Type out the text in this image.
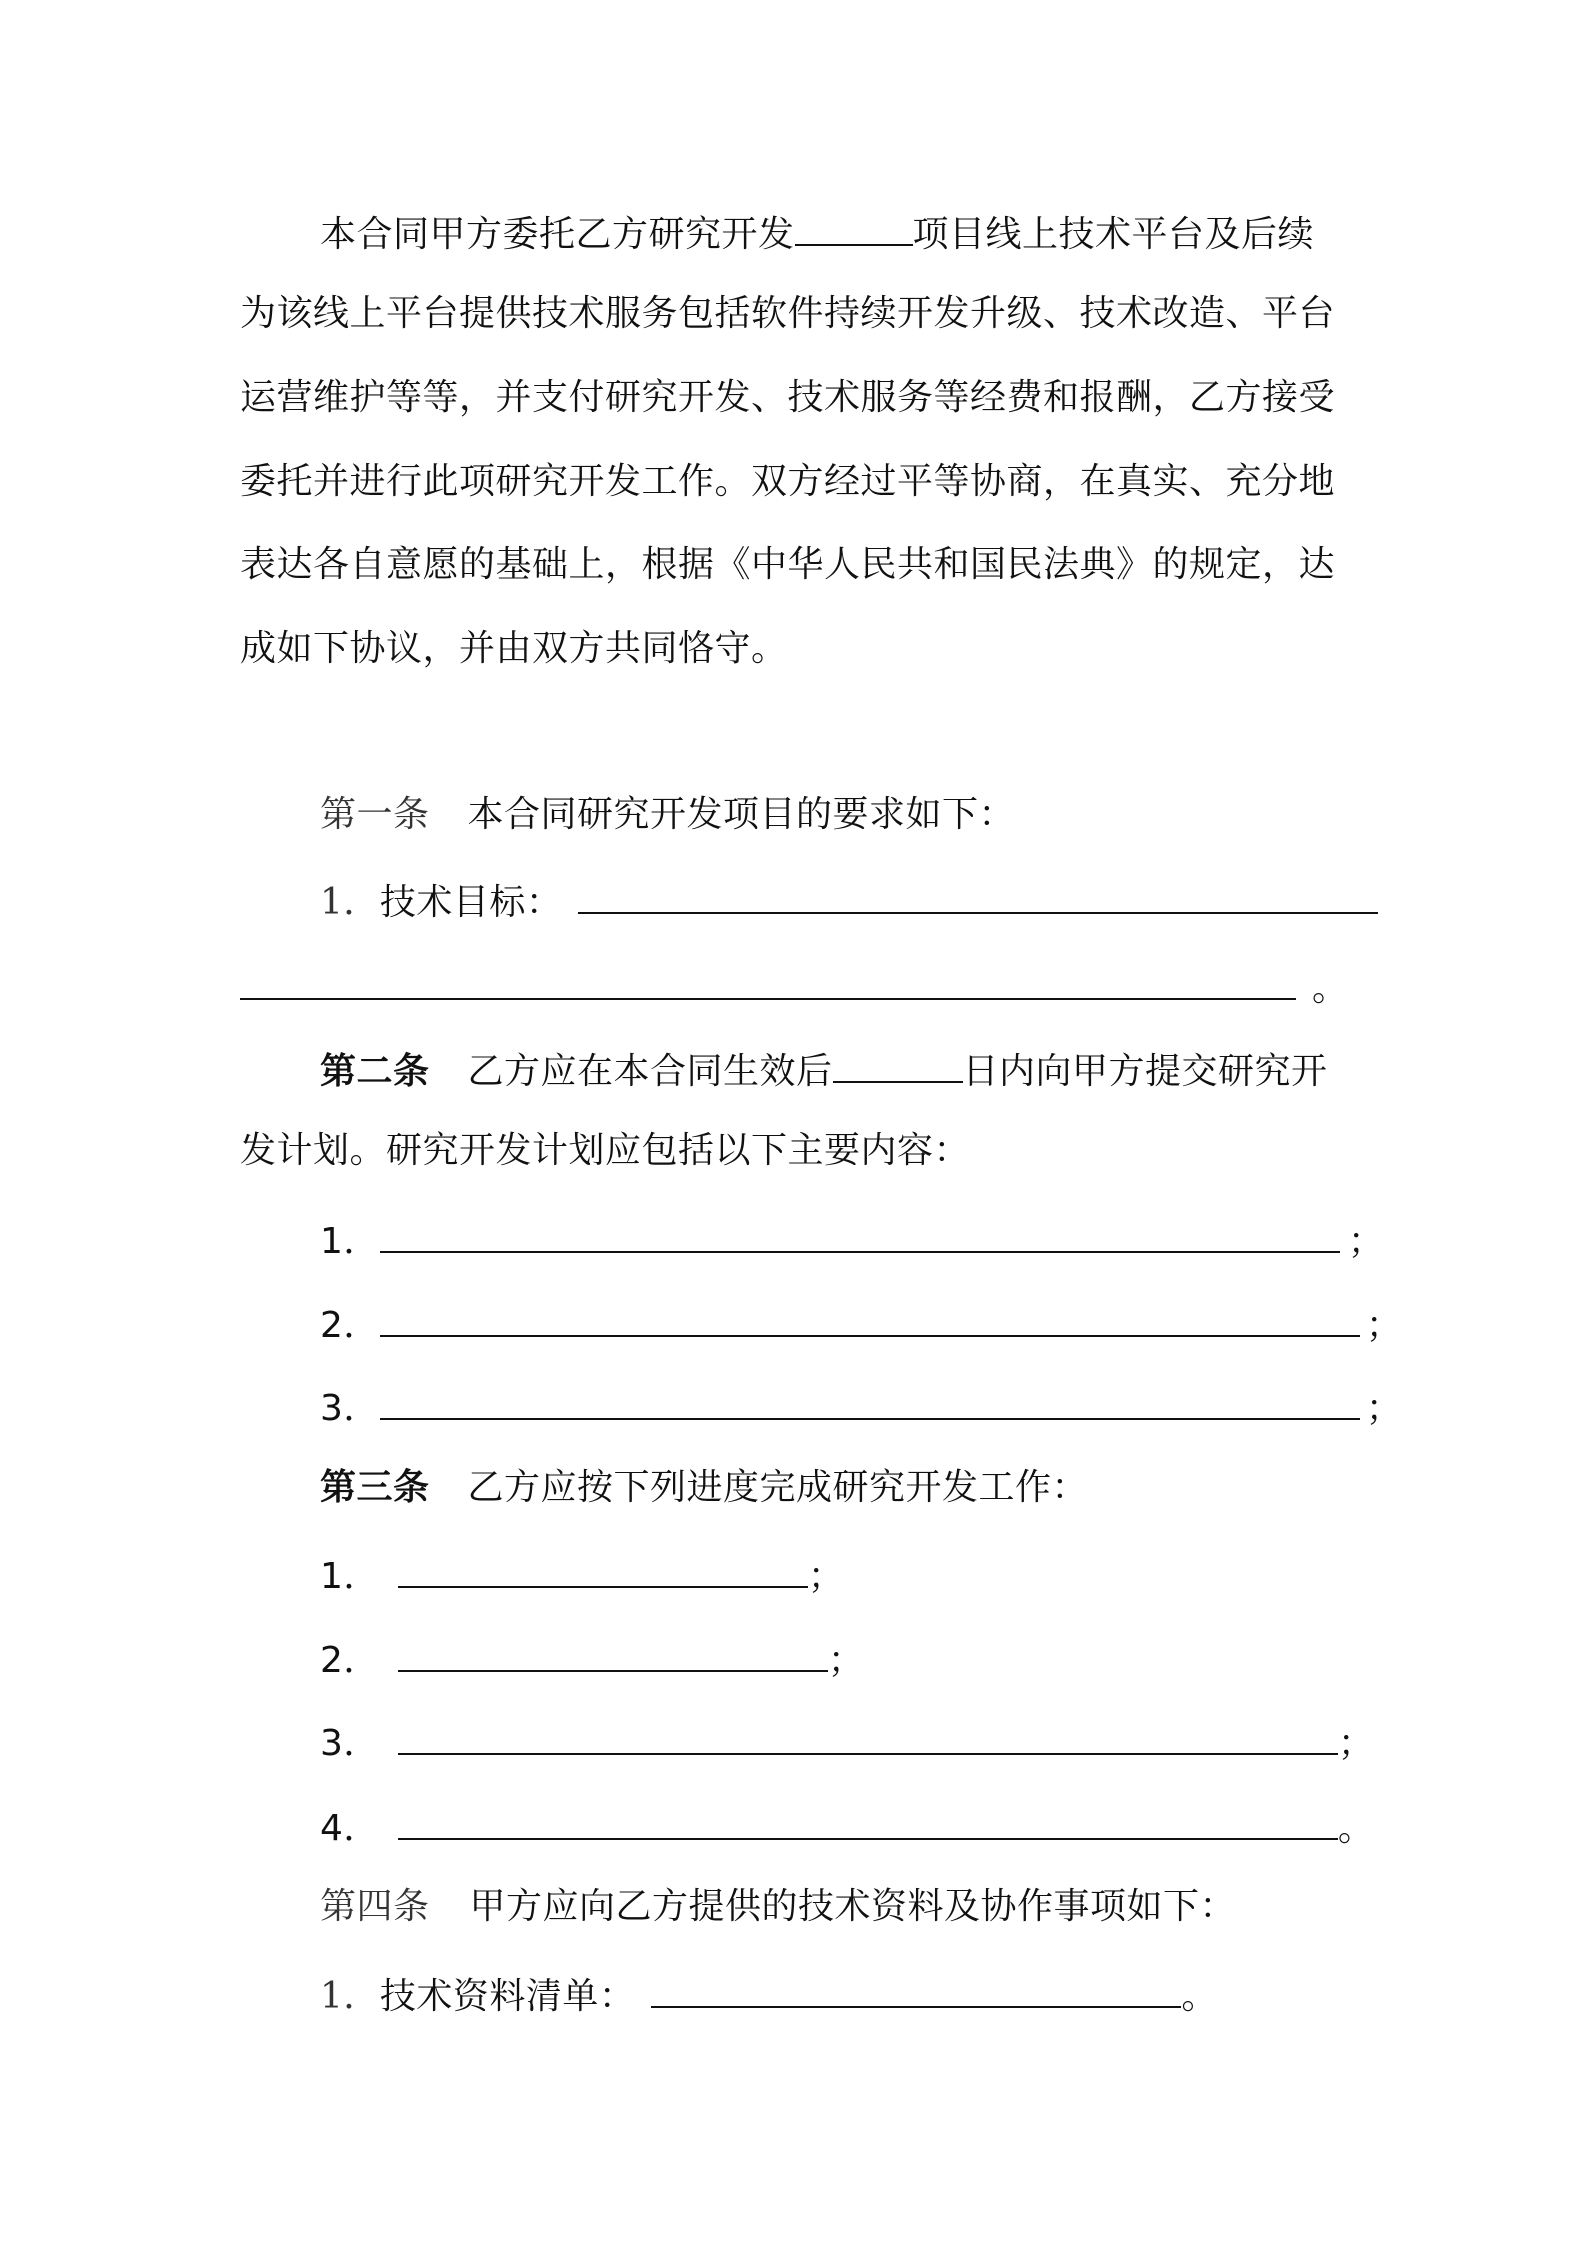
本合同甲方委托乙方研究开发	项目线上技术平台及后续
为该线上平台提供技术服务包括软件持续开发升级、技术改造、平台
运营维护等等，并支付研究开发、技术服务等经费和报酬，乙方接受
委托并进行此项研究开发工作。双方经过平等协商，在真实、充分地
表达各自意愿的基础上，根据《中华人民共和国民法典》的规定，达
成如下协议，并由双方共同恪守。
第一条 本合同研究开发项目的要求如下：
1．技术目标：
。
第二条 乙方应在本合同生效后	日内向甲方提交研究开
发计划。研究开发计划应包括以下主要内容：
1．	；
2．	；
3．	；
第三条 乙方应按下列进度完成研究开发工作：
1．	；
2．	；
3．	；
4．	。
第四条 甲方应向乙方提供的技术资料及协作事项如下：
1．技术资料清单：	。
